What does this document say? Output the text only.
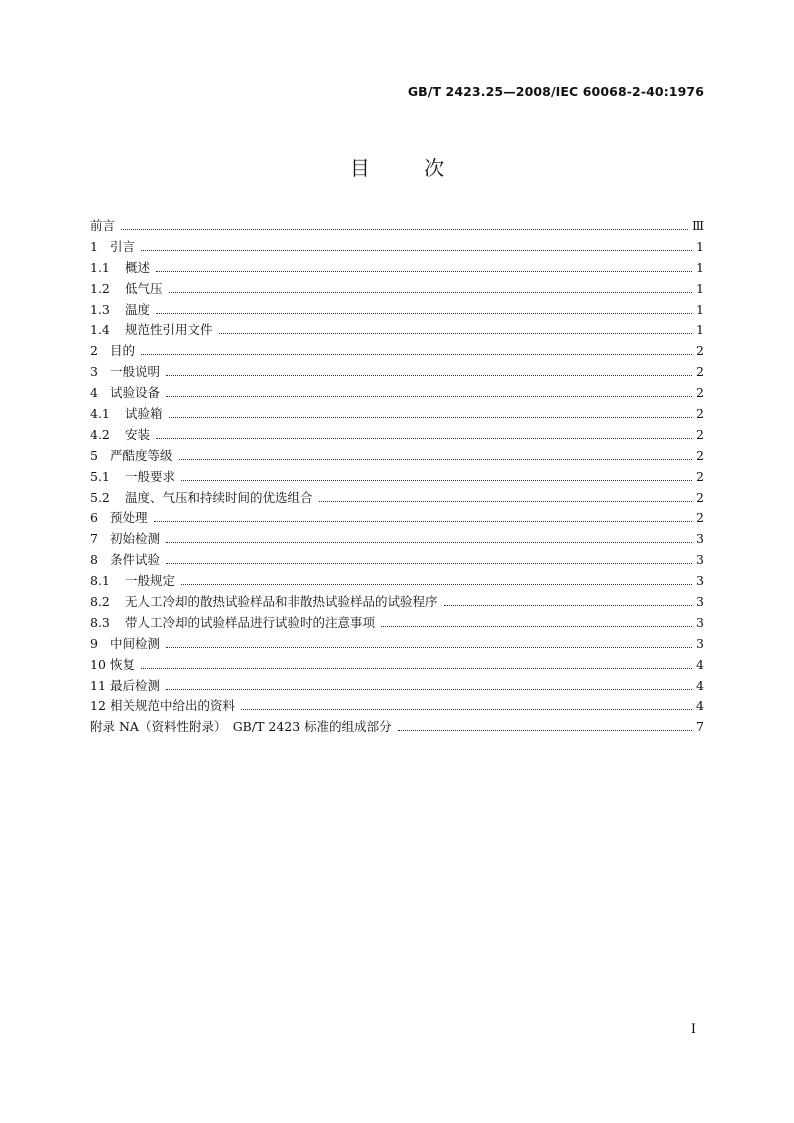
GB/T 2423.25—2008/IEC 60068-2-40:1976
目	次
前言	Ⅲ
1 引言	1
1.1	概述	1
1.2	低气压	1
1.3	温度	1
1.4	规范性引用文件	1
2 目的	2
3 一般说明	2
4 试验设备	2
4.1	试验箱	2
4.2	安装	2
5 严酷度等级	2
5.1	一般要求	2
5.2	温度、气压和持续时间的优选组合	2
6 预处理	2
7 初始检测	3
8 条件试验	3
8.1	一般规定	3
8.2	无人工冷却的散热试验样品和非散热试验样品的试验程序	3
8.3	带人工冷却的试验样品进行试验时的注意事项	3
9 中间检测	3
10 恢复	4
11 最后检测	4
12 相关规范中给出的资料	4
附录 NA（资料性附录）　GB/T 2423 标准的组成部分	7
I
